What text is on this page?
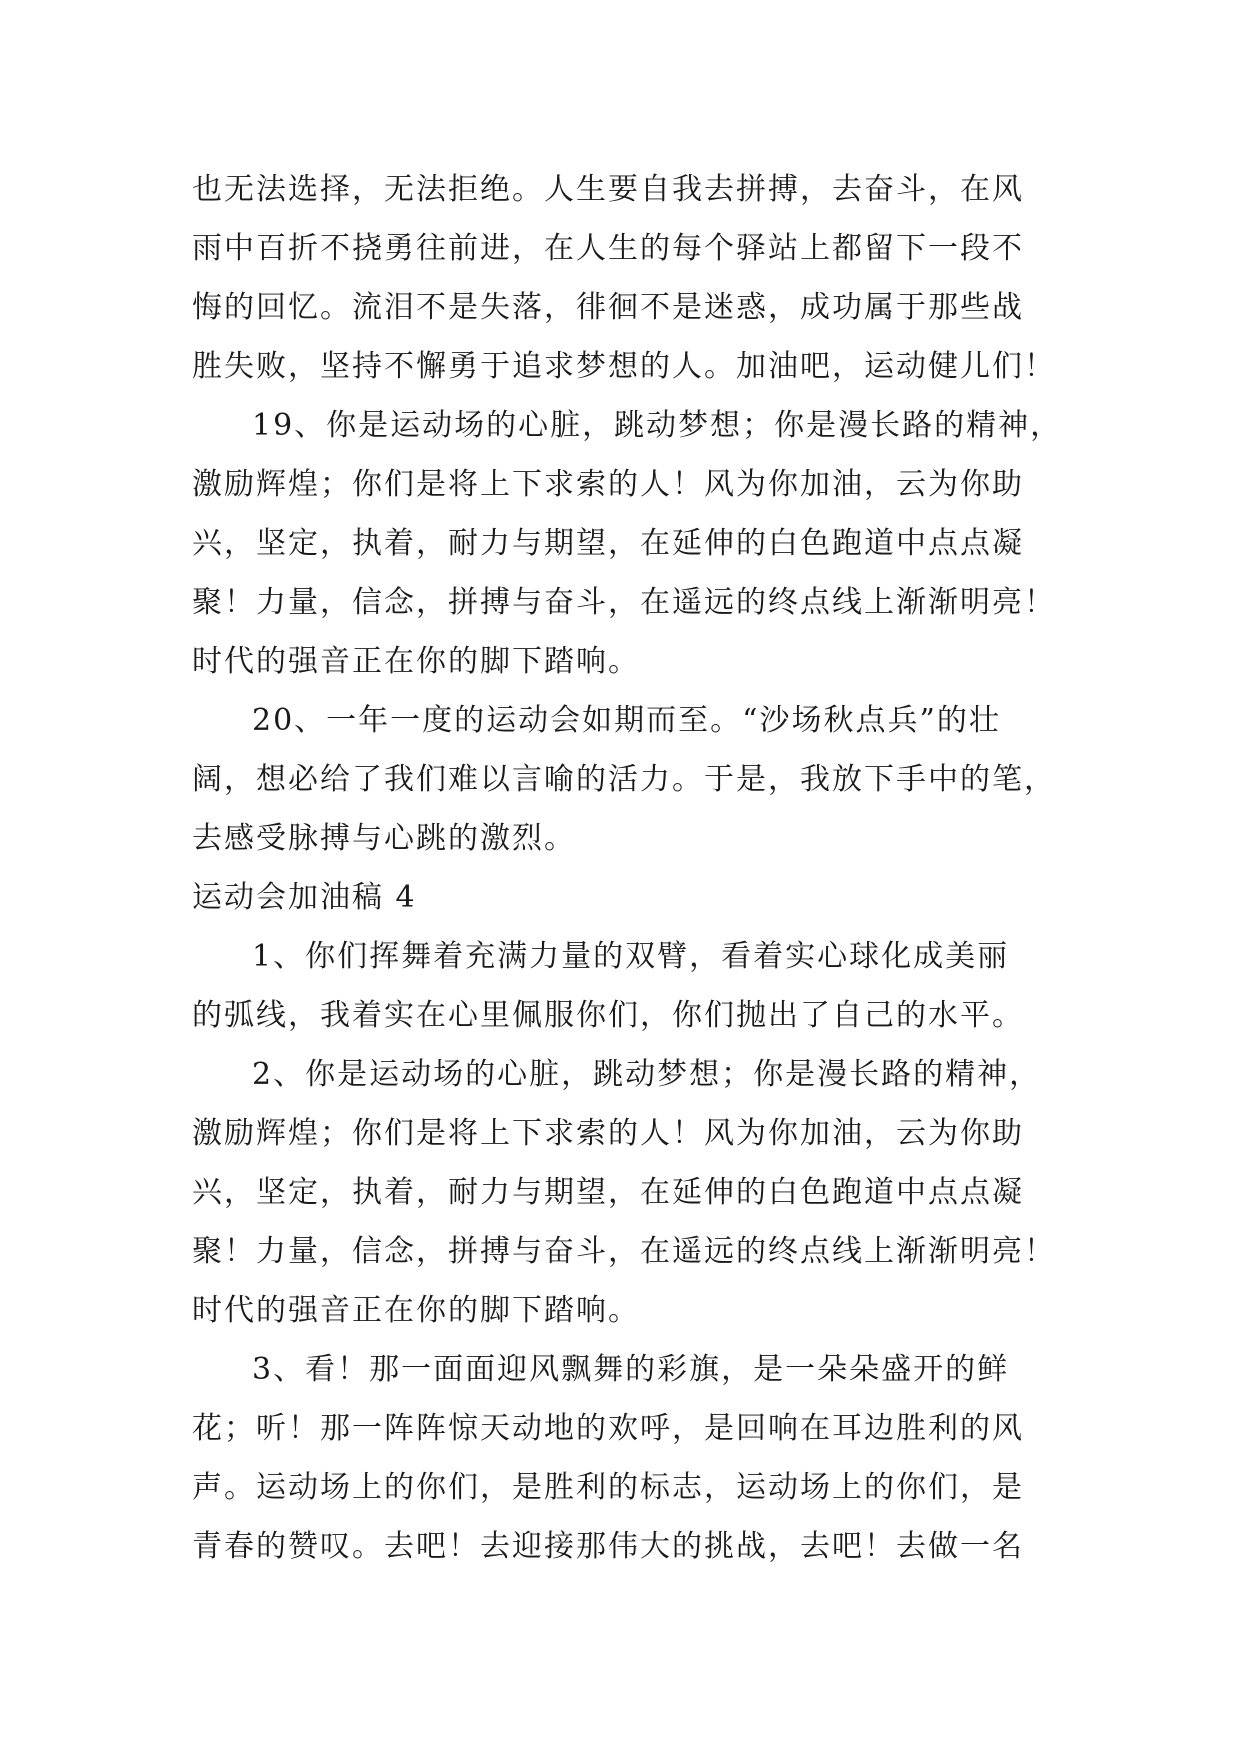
也无法选择，无法拒绝。人生要自我去拼搏，去奋斗，在风
雨中百折不挠勇往前进，在人生的每个驿站上都留下一段不
悔的回忆。流泪不是失落，徘徊不是迷惑，成功属于那些战
胜失败，坚持不懈勇于追求梦想的人。加油吧，运动健儿们！
19、你是运动场的心脏，跳动梦想；你是漫长路的精神，
激励辉煌；你们是将上下求索的人！风为你加油，云为你助
兴，坚定，执着，耐力与期望，在延伸的白色跑道中点点凝
聚！力量，信念，拼搏与奋斗，在遥远的终点线上渐渐明亮！
时代的强音正在你的脚下踏响。
20、一年一度的运动会如期而至。“沙场秋点兵”的壮
阔，想必给了我们难以言喻的活力。于是，我放下手中的笔，
去感受脉搏与心跳的激烈。
运动会加油稿 4
1、你们挥舞着充满力量的双臂，看着实心球化成美丽
的弧线，我着实在心里佩服你们，你们抛出了自己的水平。
2、你是运动场的心脏，跳动梦想；你是漫长路的精神，
激励辉煌；你们是将上下求索的人！风为你加油，云为你助
兴，坚定，执着，耐力与期望，在延伸的白色跑道中点点凝
聚！力量，信念，拼搏与奋斗，在遥远的终点线上渐渐明亮！
时代的强音正在你的脚下踏响。
3、看！那一面面迎风飘舞的彩旗，是一朵朵盛开的鲜
花；听！那一阵阵惊天动地的欢呼，是回响在耳边胜利的风
声。运动场上的你们，是胜利的标志，运动场上的你们，是
青春的赞叹。去吧！去迎接那伟大的挑战，去吧！去做一名
